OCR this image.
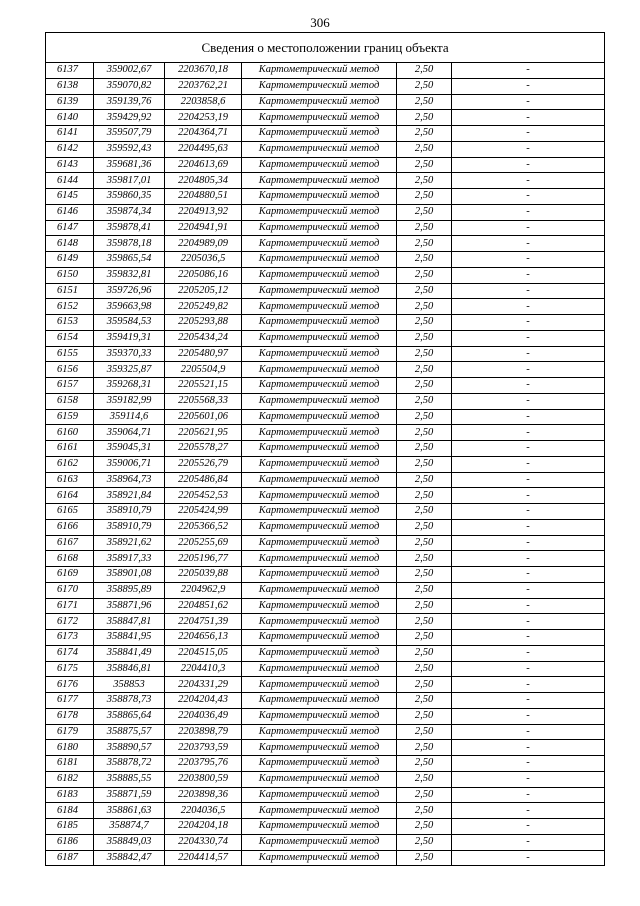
306
Сведения о местоположении границ объекта					
6137	359002,67	2203670,18	Картометрический метод	2,50	-
6138	359070,82	2203762,21	Картометрический метод	2,50	-
6139	359139,76	2203858,6	Картометрический метод	2,50	-
6140	359429,92	2204253,19	Картометрический метод	2,50	-
6141	359507,79	2204364,71	Картометрический метод	2,50	-
6142	359592,43	2204495,63	Картометрический метод	2,50	-
6143	359681,36	2204613,69	Картометрический метод	2,50	-
6144	359817,01	2204805,34	Картометрический метод	2,50	-
6145	359860,35	2204880,51	Картометрический метод	2,50	-
6146	359874,34	2204913,92	Картометрический метод	2,50	-
6147	359878,41	2204941,91	Картометрический метод	2,50	-
6148	359878,18	2204989,09	Картометрический метод	2,50	-
6149	359865,54	2205036,5	Картометрический метод	2,50	-
6150	359832,81	2205086,16	Картометрический метод	2,50	-
6151	359726,96	2205205,12	Картометрический метод	2,50	-
6152	359663,98	2205249,82	Картометрический метод	2,50	-
6153	359584,53	2205293,88	Картометрический метод	2,50	-
6154	359419,31	2205434,24	Картометрический метод	2,50	-
6155	359370,33	2205480,97	Картометрический метод	2,50	-
6156	359325,87	2205504,9	Картометрический метод	2,50	-
6157	359268,31	2205521,15	Картометрический метод	2,50	-
6158	359182,99	2205568,33	Картометрический метод	2,50	-
6159	359114,6	2205601,06	Картометрический метод	2,50	-
6160	359064,71	2205621,95	Картометрический метод	2,50	-
6161	359045,31	2205578,27	Картометрический метод	2,50	-
6162	359006,71	2205526,79	Картометрический метод	2,50	-
6163	358964,73	2205486,84	Картометрический метод	2,50	-
6164	358921,84	2205452,53	Картометрический метод	2,50	-
6165	358910,79	2205424,99	Картометрический метод	2,50	-
6166	358910,79	2205366,52	Картометрический метод	2,50	-
6167	358921,62	2205255,69	Картометрический метод	2,50	-
6168	358917,33	2205196,77	Картометрический метод	2,50	-
6169	358901,08	2205039,88	Картометрический метод	2,50	-
6170	358895,89	2204962,9	Картометрический метод	2,50	-
6171	358871,96	2204851,62	Картометрический метод	2,50	-
6172	358847,81	2204751,39	Картометрический метод	2,50	-
6173	358841,95	2204656,13	Картометрический метод	2,50	-
6174	358841,49	2204515,05	Картометрический метод	2,50	-
6175	358846,81	2204410,3	Картометрический метод	2,50	-
6176	358853	2204331,29	Картометрический метод	2,50	-
6177	358878,73	2204204,43	Картометрический метод	2,50	-
6178	358865,64	2204036,49	Картометрический метод	2,50	-
6179	358875,57	2203898,79	Картометрический метод	2,50	-
6180	358890,57	2203793,59	Картометрический метод	2,50	-
6181	358878,72	2203795,76	Картометрический метод	2,50	-
6182	358885,55	2203800,59	Картометрический метод	2,50	-
6183	358871,59	2203898,36	Картометрический метод	2,50	-
6184	358861,63	2204036,5	Картометрический метод	2,50	-
6185	358874,7	2204204,18	Картометрический метод	2,50	-
6186	358849,03	2204330,74	Картометрический метод	2,50	-
6187	358842,47	2204414,57	Картометрический метод	2,50	-
